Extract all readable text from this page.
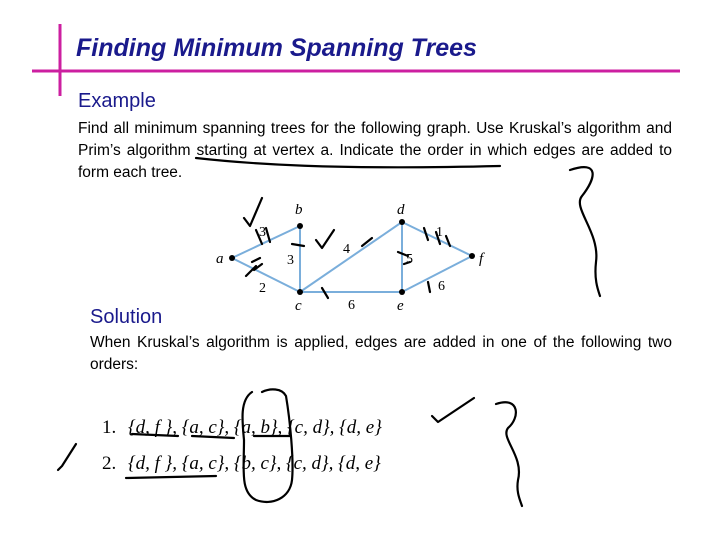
Finding Minimum Spanning Trees
Example
Find all minimum spanning trees for the following graph. Use Kruskal’s algorithm and Prim’s algorithm starting at vertex a. Indicate the order in which edges are added to form each tree.
a
b
c
d
e
f
3
2
3
4
1
5
6
6
Solution
When Kruskal’s algorithm is applied, edges are added in one of the following two orders:
1. {d, f }, {a, c}, {a, b}, {c, d}, {d, e}
2. {d, f }, {a, c}, {b, c}, {c, d}, {d, e}
